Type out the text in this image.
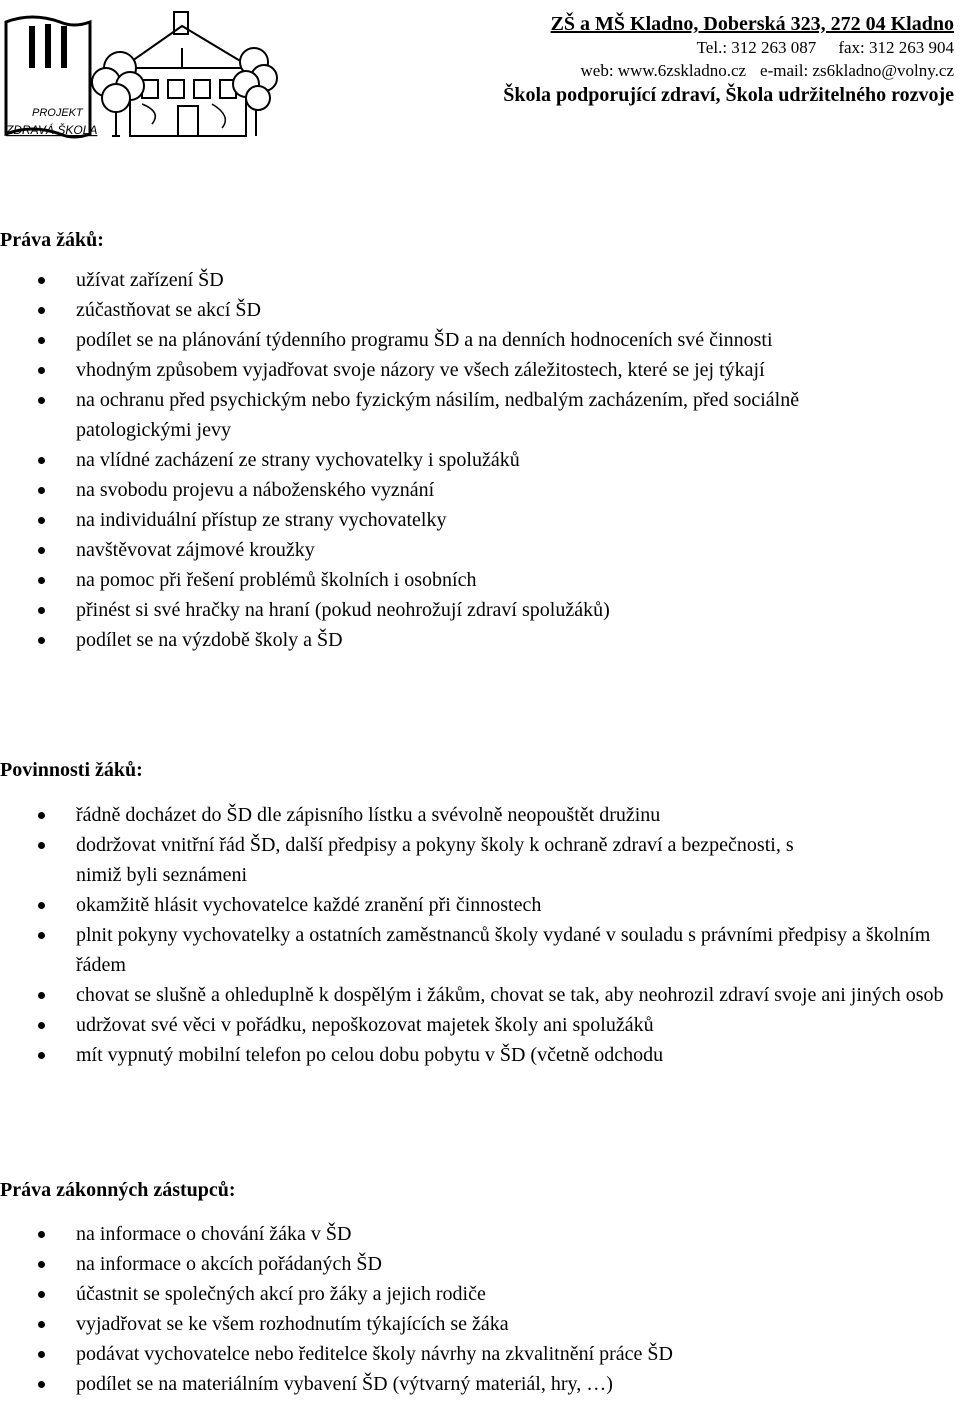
PROJEKT
ZDRAVÁ ŠKOLA
ZŠ a MŠ Kladno, Doberská 323, 272 04 Kladno
Tel.: 312 263 087 fax: 312 263 904
web: www.6zskladno.cz e-mail: zs6kladno@volny.cz
Škola podporující zdraví, Škola udržitelného rozvoje
Práva žáků:
užívat zařízení ŠD
zúčastňovat se akcí ŠD
podílet se na plánování týdenního programu ŠD a na denních hodnoceních své činnosti
vhodným způsobem vyjadřovat svoje názory ve všech záležitostech, které se jej týkají
na ochranu před psychickým nebo fyzickým násilím, nedbalým zacházením, před sociálně patologickými jevy
na vlídné zacházení ze strany vychovatelky i spolužáků
na svobodu projevu a náboženského vyznání
na individuální přístup ze strany vychovatelky
navštěvovat zájmové kroužky
na pomoc při řešení problémů školních i osobních
přinést si své hračky na hraní (pokud neohrožují zdraví spolužáků)
podílet se na výzdobě školy a ŠD
Povinnosti žáků:
řádně docházet do ŠD dle zápisního lístku a svévolně neopouštět družinu
dodržovat vnitřní řád ŠD, další předpisy a pokyny školy k ochraně zdraví a bezpečnosti, s nimiž byli seznámeni
okamžitě hlásit vychovatelce každé zranění při činnostech
plnit pokyny vychovatelky a ostatních zaměstnanců školy vydané v souladu s právními předpisy a školním řádem
chovat se slušně a ohleduplně k dospělým i žákům, chovat se tak, aby neohrozil zdraví svoje ani jiných osob
udržovat své věci v pořádku, nepoškozovat majetek školy ani spolužáků
mít vypnutý mobilní telefon po celou dobu pobytu v ŠD (včetně odchodu
Práva zákonných zástupců:
na informace o chování žáka v ŠD
na informace o akcích pořádaných ŠD
účastnit se společných akcí pro žáky a jejich rodiče
vyjadřovat se ke všem rozhodnutím týkajících se žáka
podávat vychovatelce nebo ředitelce školy návrhy na zkvalitnění práce ŠD
podílet se na materiálním vybavení ŠD (výtvarný materiál, hry, …)
